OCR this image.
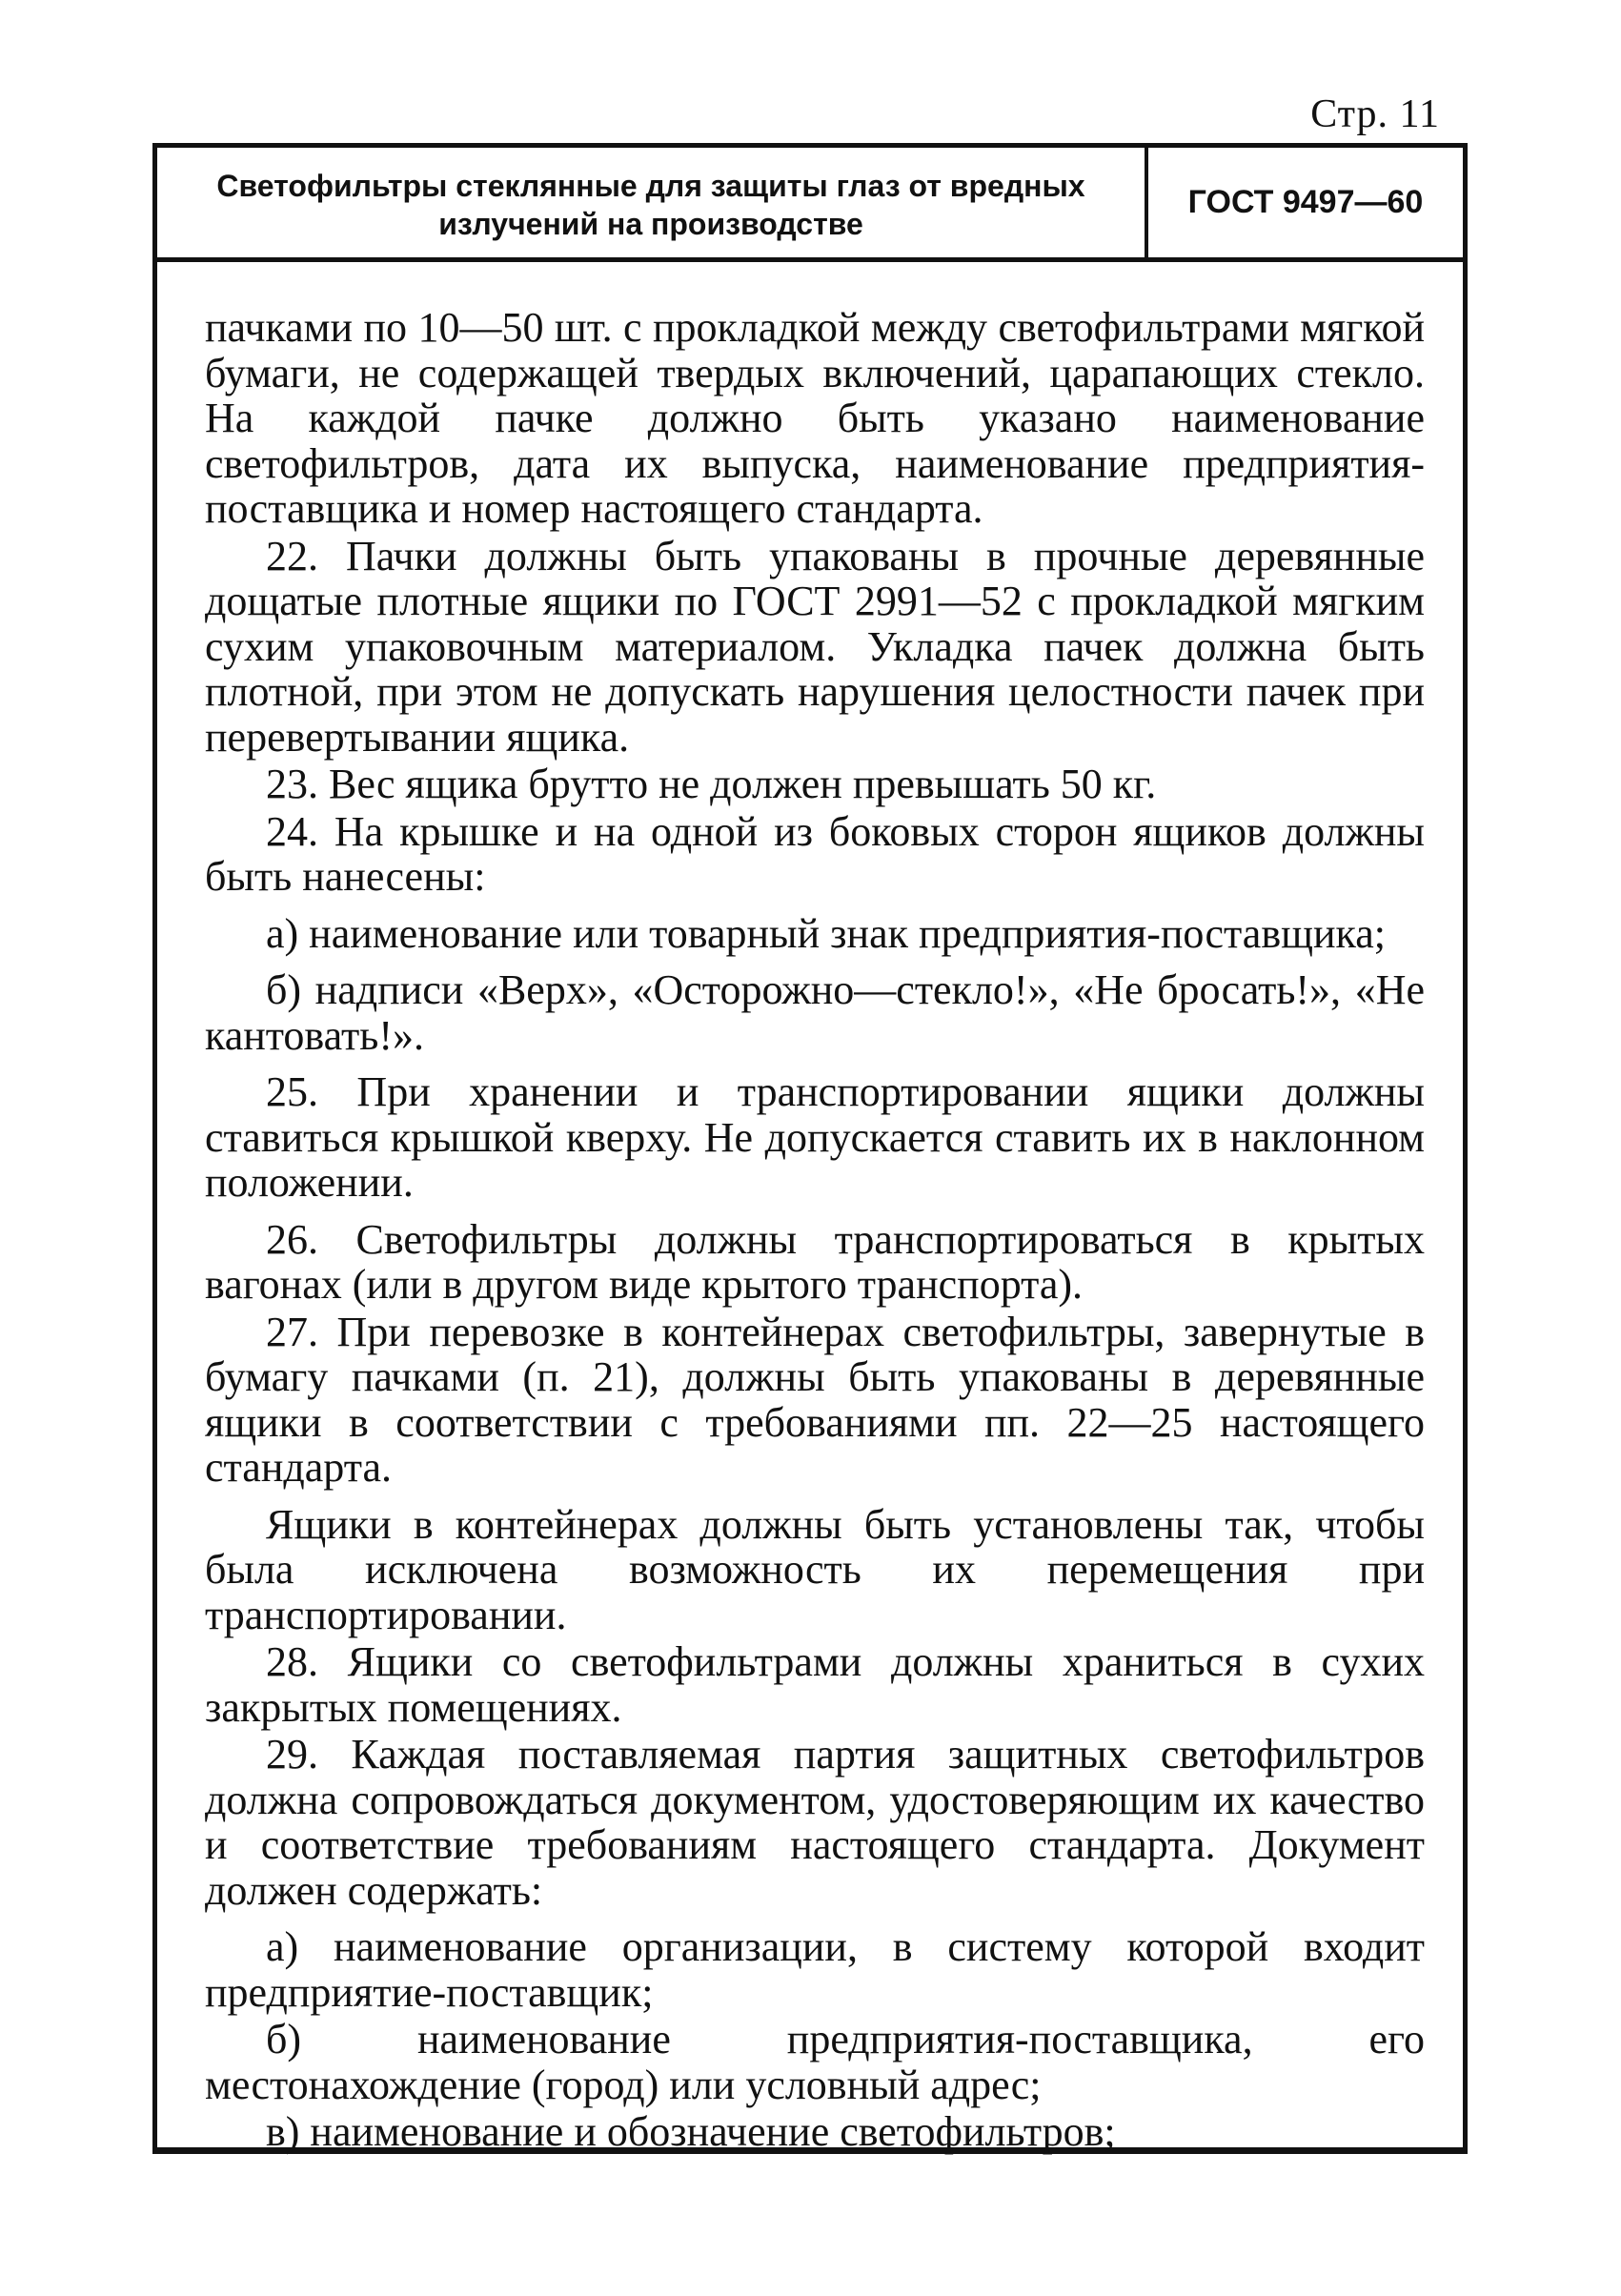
Стр. 11
Светофильтры стеклянные для защиты глаз от вредных излучений на производстве
ГОСТ 9497—60

пачками по 10—50 шт. с прокладкой между светофильтрами мягкой бумаги, не содержащей твердых включений, царапающих стекло. На каждой пачке должно быть указано наименование светофильтров, дата их выпуска, наименование предприятия-поставщика и номер настоящего стандарта.

22. Пачки должны быть упакованы в прочные деревянные дощатые плотные ящики по ГОСТ 2991—52 с прокладкой мягким сухим упаковочным материалом. Укладка пачек должна быть плотной, при этом не допускать нарушения целостности пачек при перевертывании ящика.

23. Вес ящика брутто не должен превышать 50 кг.

24. На крышке и на одной из боковых сторон ящиков должны быть нанесены:

а) наименование или товарный знак предприятия-поставщика;

б) надписи «Верх», «Осторожно—стекло!», «Не бросать!», «Не кантовать!».

25. При хранении и транспортировании ящики должны ставиться крышкой кверху. Не допускается ставить их в наклонном положении.

26. Светофильтры должны транспортироваться в крытых вагонах (или в другом виде крытого транспорта).

27. При перевозке в контейнерах светофильтры, завернутые в бумагу пачками (п. 21), должны быть упакованы в деревянные ящики в соответствии с требованиями пп. 22—25 настоящего стандарта.

Ящики в контейнерах должны быть установлены так, чтобы была исключена возможность их перемещения при транспортировании.

28. Ящики со светофильтрами должны храниться в сухих закрытых помещениях.

29. Каждая поставляемая партия защитных светофильтров должна сопровождаться документом, удостоверяющим их качество и соответствие требованиям настоящего стандарта. Документ должен содержать:

а) наименование организации, в систему которой входит предприятие-поставщик;

б) наименование предприятия-поставщика, его местонахождение (город) или условный адрес;

в) наименование и обозначение светофильтров;
